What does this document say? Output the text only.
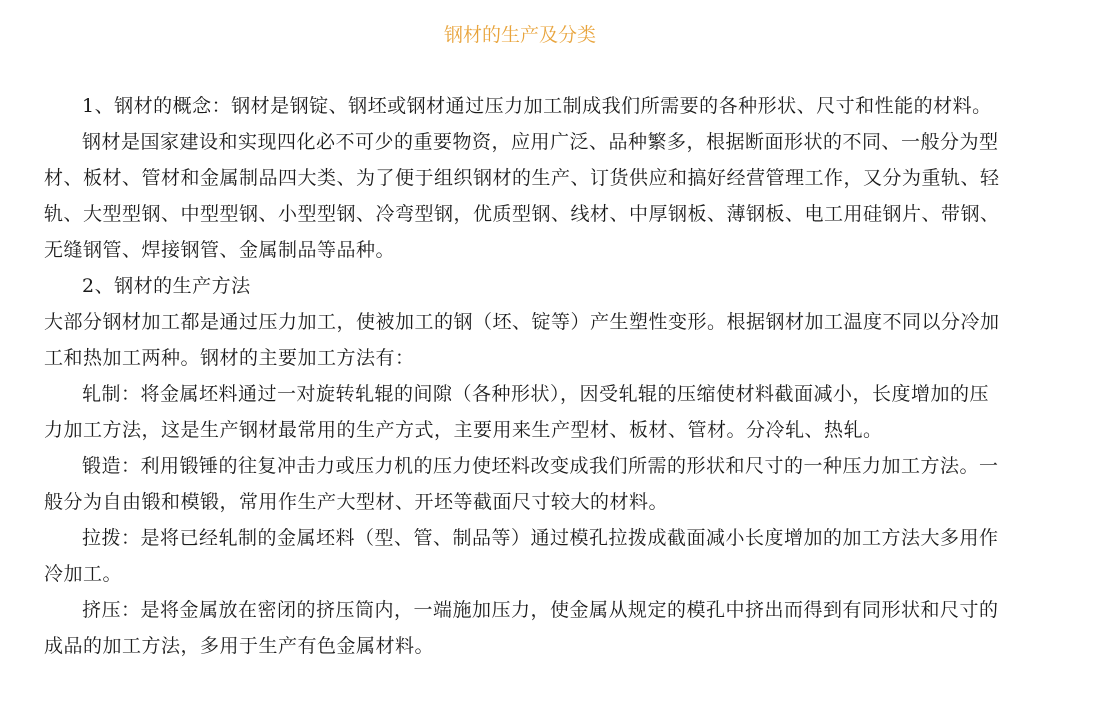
钢材的生产及分类

1、钢材的概念：钢材是钢锭、钢坯或钢材通过压力加工制成我们所需要的各种形状、尺寸和性能的材料。

钢材是国家建设和实现四化必不可少的重要物资，应用广泛、品种繁多，根据断面形状的不同、一般分为型材、板材、管材和金属制品四大类、为了便于组织钢材的生产、订货供应和搞好经营管理工作，又分为重轨、轻轨、大型型钢、中型型钢、小型型钢、冷弯型钢，优质型钢、线材、中厚钢板、薄钢板、电工用硅钢片、带钢、无缝钢管、焊接钢管、金属制品等品种。

2、钢材的生产方法

大部分钢材加工都是通过压力加工，使被加工的钢（坯、锭等）产生塑性变形。根据钢材加工温度不同以分冷加工和热加工两种。钢材的主要加工方法有：

轧制：将金属坯料通过一对旋转轧辊的间隙（各种形状），因受轧辊的压缩使材料截面减小，长度增加的压力加工方法，这是生产钢材最常用的生产方式，主要用来生产型材、板材、管材。分冷轧、热轧。

锻造：利用锻锤的往复冲击力或压力机的压力使坯料改变成我们所需的形状和尺寸的一种压力加工方法。一般分为自由锻和模锻，常用作生产大型材、开坯等截面尺寸较大的材料。

拉拨：是将已经轧制的金属坯料（型、管、制品等）通过模孔拉拨成截面减小长度增加的加工方法大多用作冷加工。

挤压：是将金属放在密闭的挤压筒内，一端施加压力，使金属从规定的模孔中挤出而得到有同形状和尺寸的成品的加工方法，多用于生产有色金属材料。
